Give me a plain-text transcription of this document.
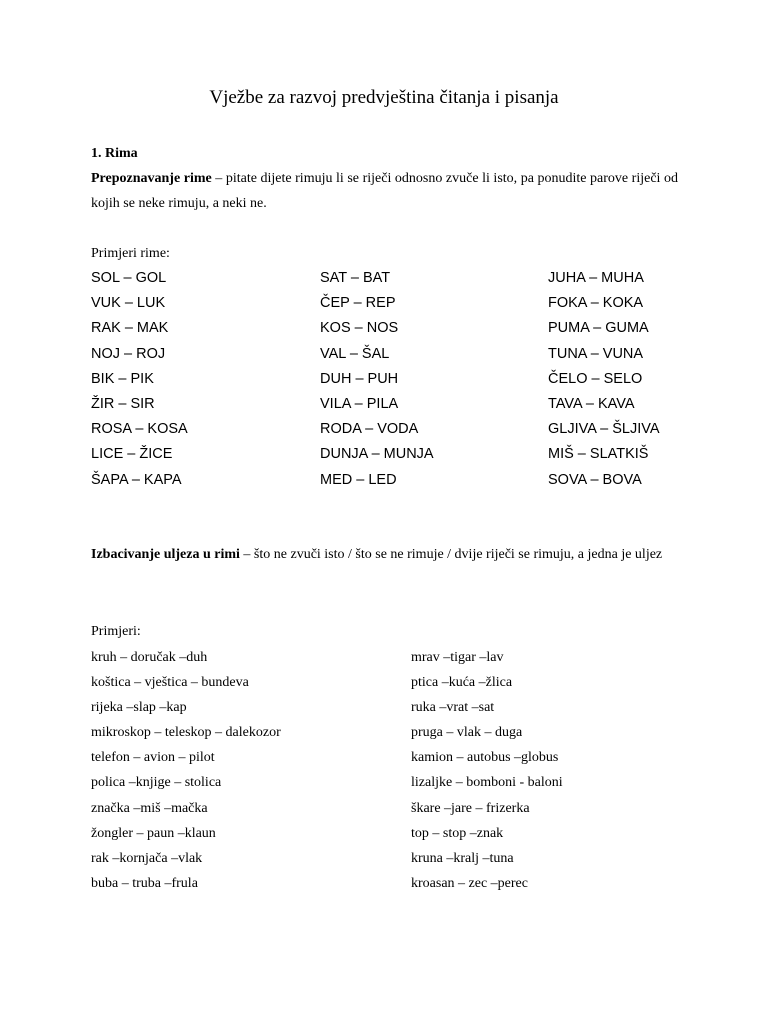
Vježbe za razvoj predvještina čitanja i pisanja
1. Rima
Prepoznavanje rime – pitate dijete rimuju li se riječi odnosno zvuče li isto, pa ponudite parove riječi od kojih se neke rimuju, a neki ne.
Primjeri rime:
SOL – GOL
VUK – LUK
RAK – MAK
NOJ – ROJ
BIK – PIK
ŽIR – SIR
ROSA – KOSA
LICE – ŽICE
ŠAPA – KAPA
SAT – BAT
ČEP – REP
KOS – NOS
VAL – ŠAL
DUH – PUH
VILA – PILA
RODA – VODA
DUNJA – MUNJA
MED – LED
JUHA – MUHA
FOKA – KOKA
PUMA – GUMA
TUNA – VUNA
ČELO – SELO
TAVA – KAVA
GLJIVA – ŠLJIVA
MIŠ – SLATKIŠ
SOVA – BOVA
Izbacivanje uljeza u rimi – što ne zvuči isto / što se ne rimuje / dvije riječi se rimuju, a jedna je uljez
Primjeri:
kruh – doručak –duh
koštica – vještica – bundeva
rijeka –slap –kap
mikroskop – teleskop – dalekozor
telefon – avion – pilot
polica –knjige – stolica
značka –miš –mačka
žongler – paun –klaun
rak –kornjača –vlak
buba – truba –frula
mrav –tigar –lav
ptica –kuća –žlica
ruka –vrat –sat
pruga – vlak – duga
kamion – autobus –globus
lizaljke – bomboni - baloni
škare –jare – frizerka
top – stop –znak
kruna –kralj –tuna
kroasan – zec –perec
